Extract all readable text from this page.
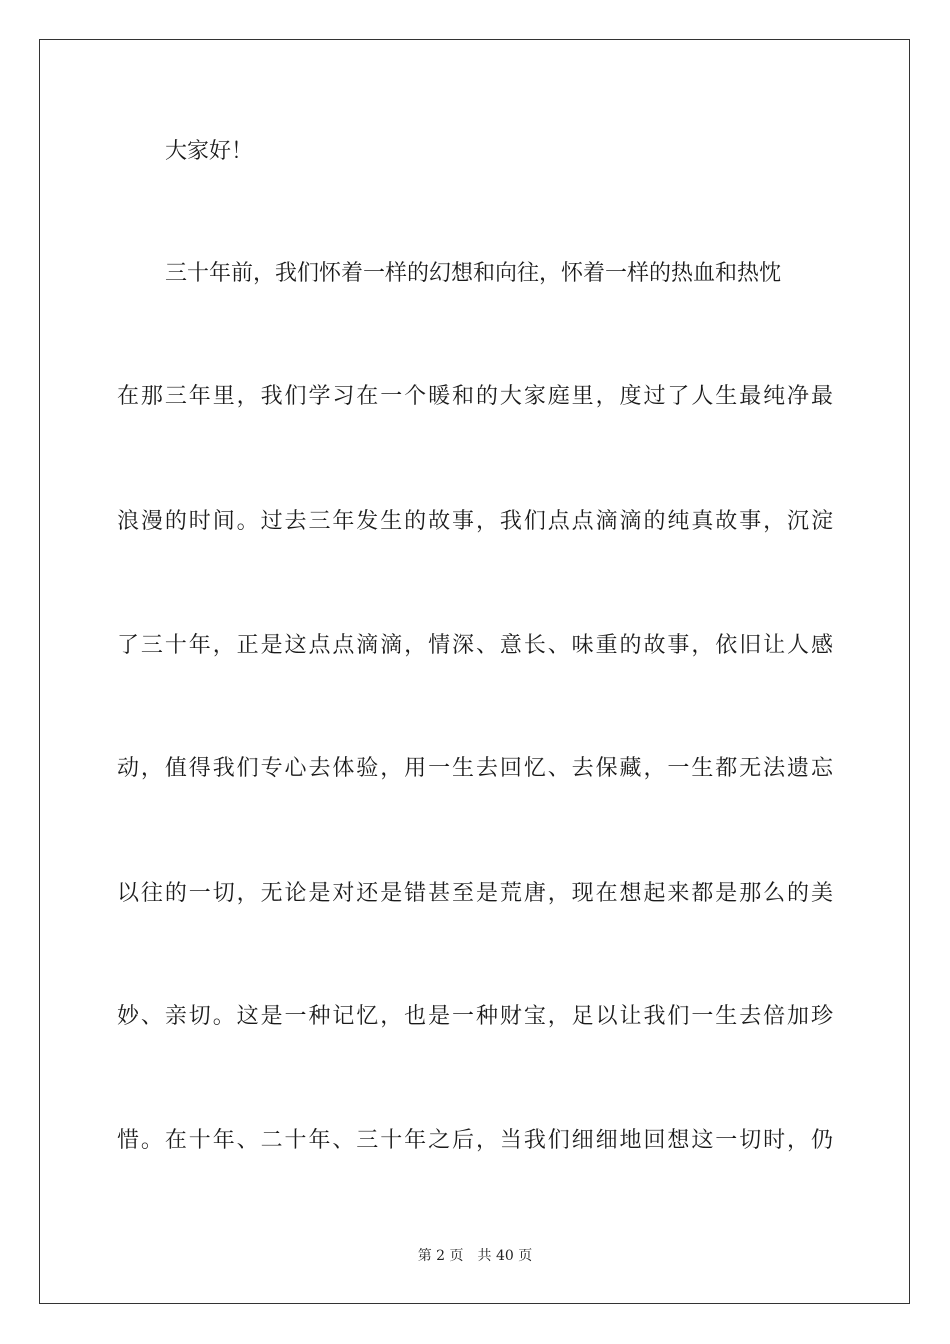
大家好！
三十年前，我们怀着一样的幻想和向往，怀着一样的热血和热忱
在那三年里，我们学习在一个暖和的大家庭里，度过了人生最纯净最
浪漫的时间。过去三年发生的故事，我们点点滴滴的纯真故事，沉淀
了三十年，正是这点点滴滴，情深、意长、味重的故事，依旧让人感
动，值得我们专心去体验，用一生去回忆、去保藏，一生都无法遗忘
以往的一切，无论是对还是错甚至是荒唐，现在想起来都是那么的美
妙、亲切。这是一种记忆，也是一种财宝，足以让我们一生去倍加珍
惜。在十年、二十年、三十年之后，当我们细细地回想这一切时，仍
第 2 页 共 40 页
